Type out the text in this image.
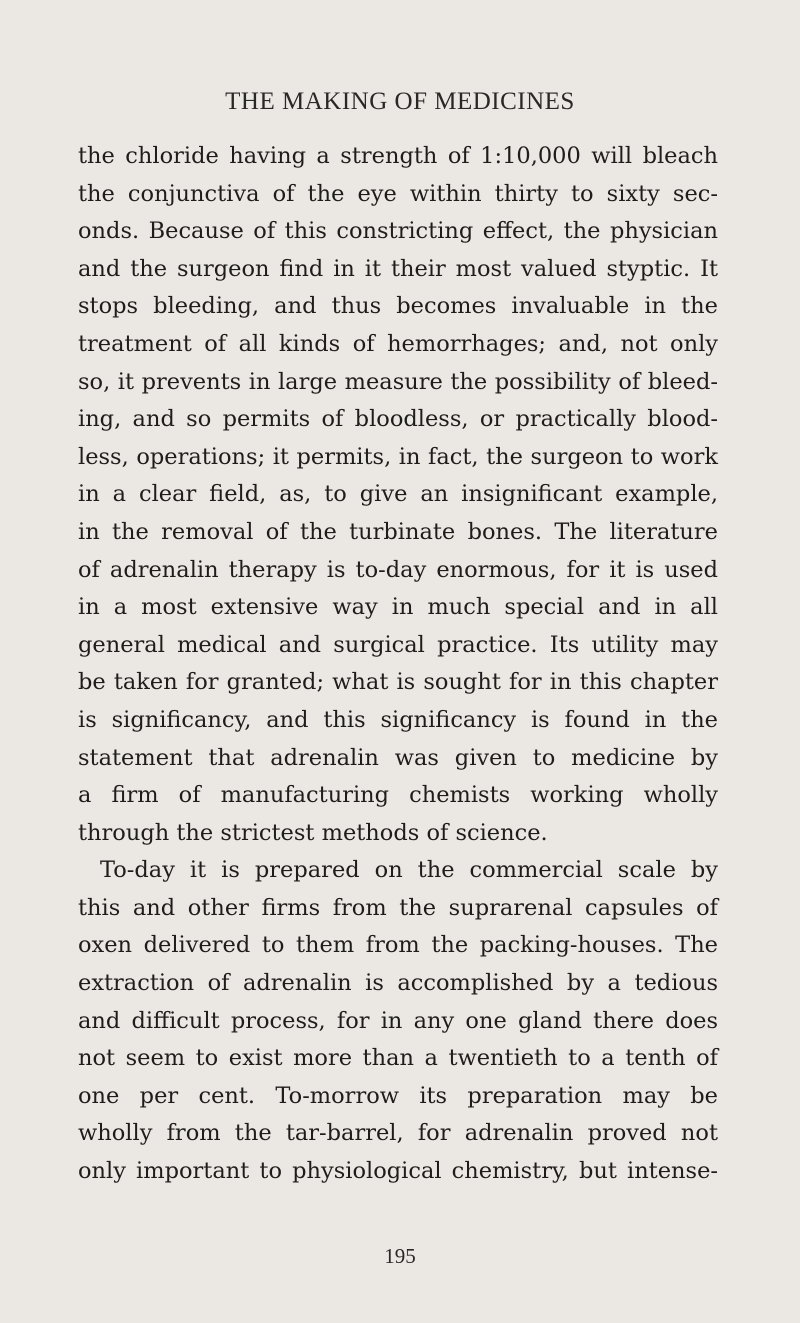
THE MAKING OF MEDICINES
the chloride having a strength of 1:10,000 will bleach
the conjunctiva of the eye within thirty to sixty sec-
onds. Because of this constricting effect, the physician
and the surgeon find in it their most valued styptic. It
stops bleeding, and thus becomes invaluable in the
treatment of all kinds of hemorrhages; and, not only
so, it prevents in large measure the possibility of bleed-
ing, and so permits of bloodless, or practically blood-
less, operations; it permits, in fact, the surgeon to work
in a clear field, as, to give an insignificant example,
in the removal of the turbinate bones. The literature
of adrenalin therapy is to-day enormous, for it is used
in a most extensive way in much special and in all
general medical and surgical practice. Its utility may
be taken for granted; what is sought for in this chapter
is significancy, and this significancy is found in the
statement that adrenalin was given to medicine by
a firm of manufacturing chemists working wholly
through the strictest methods of science.
To-day it is prepared on the commercial scale by
this and other firms from the suprarenal capsules of
oxen delivered to them from the packing-houses. The
extraction of adrenalin is accomplished by a tedious
and difficult process, for in any one gland there does
not seem to exist more than a twentieth to a tenth of
one per cent. To-morrow its preparation may be
wholly from the tar-barrel, for adrenalin proved not
only important to physiological chemistry, but intense-
195
